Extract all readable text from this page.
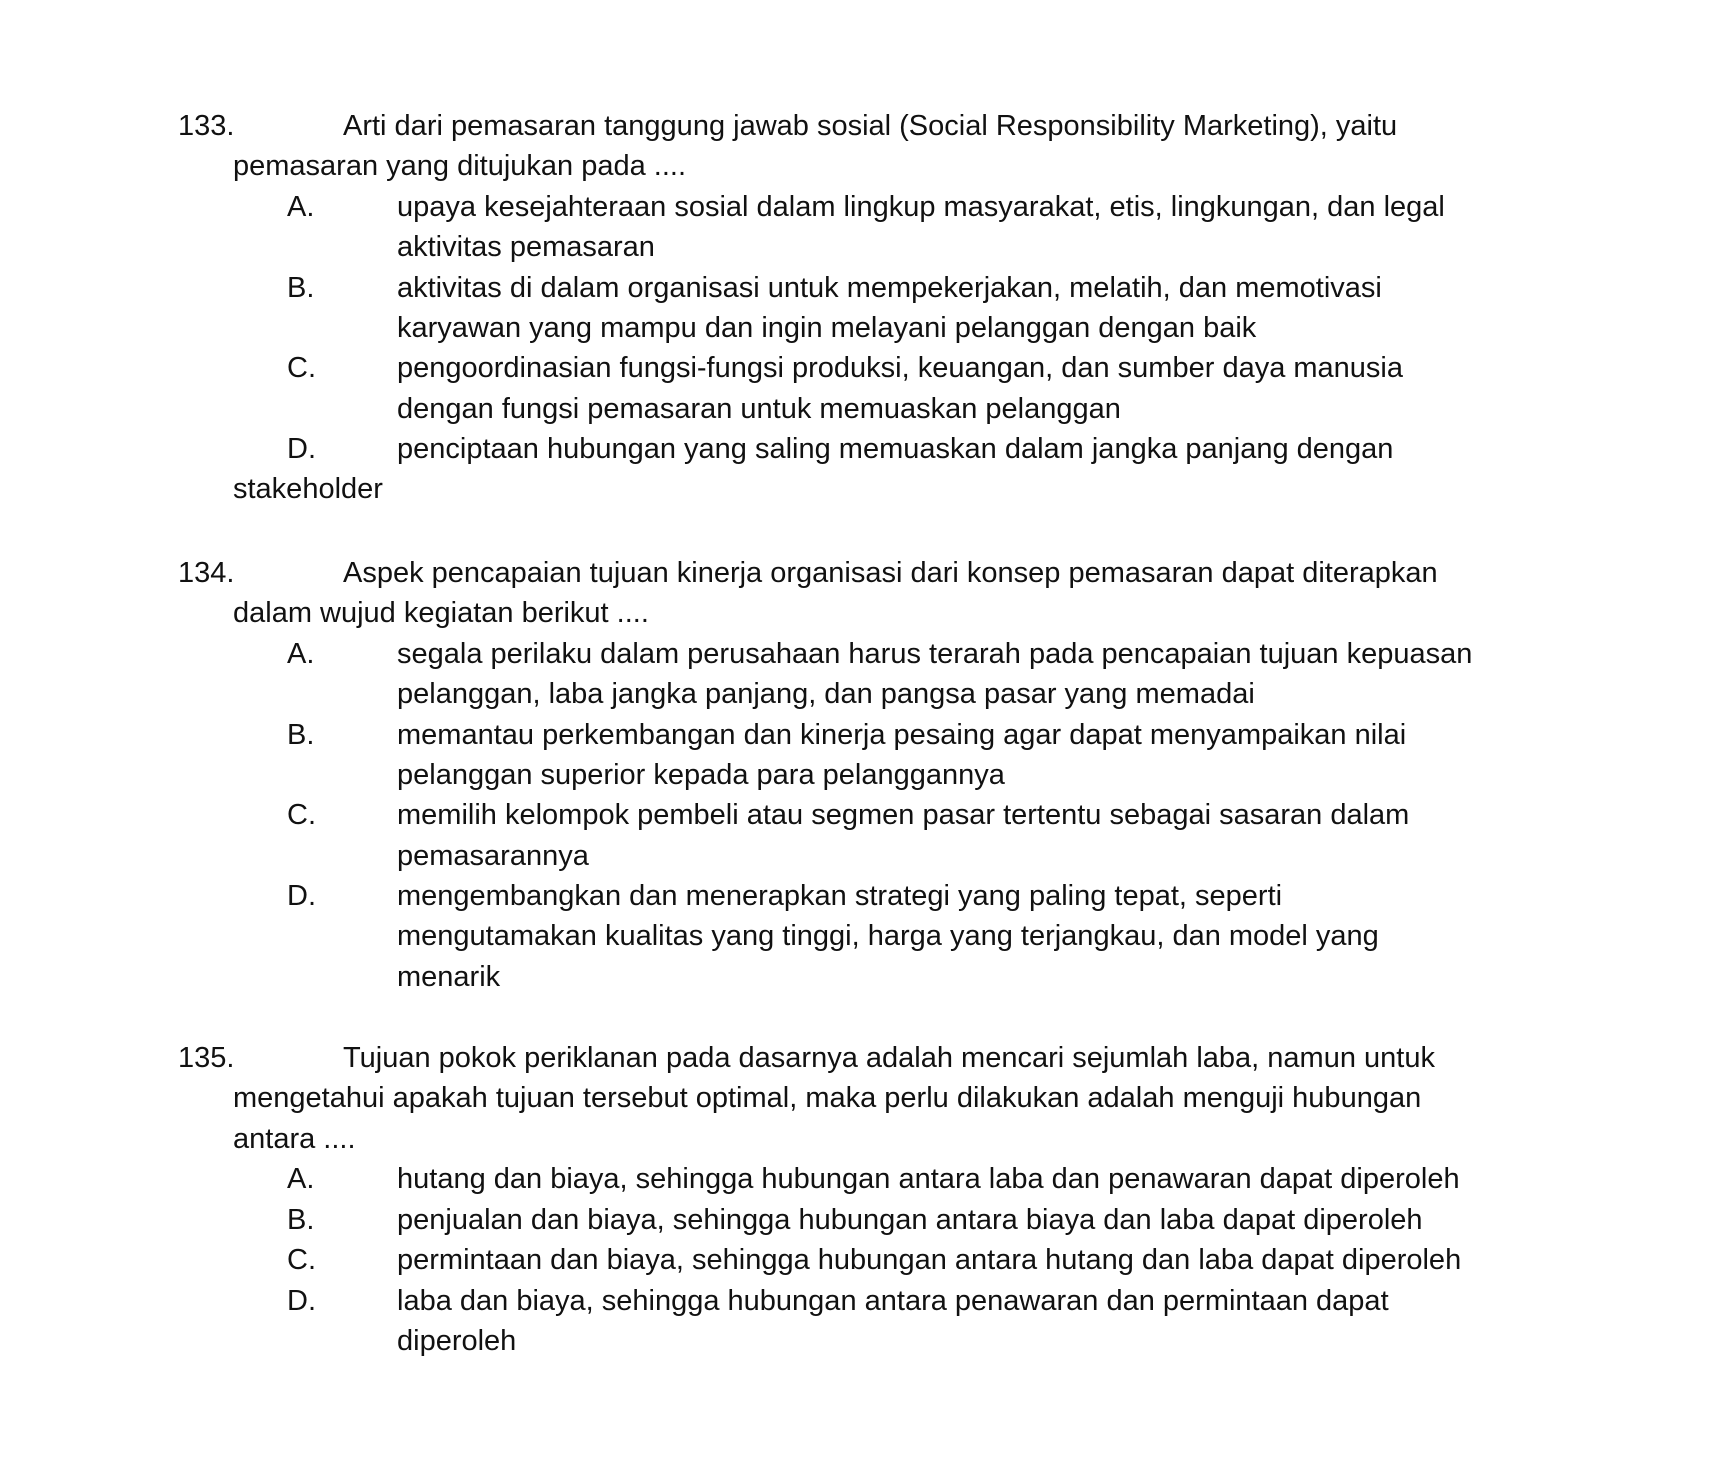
133.	Arti dari pemasaran tanggung jawab sosial (Social Responsibility Marketing), yaitu
pemasaran yang ditujukan pada ....
A.	upaya kesejahteraan sosial dalam lingkup masyarakat, etis, lingkungan, dan legal
aktivitas pemasaran
B.	aktivitas di dalam organisasi untuk mempekerjakan, melatih, dan memotivasi
karyawan yang mampu dan ingin melayani pelanggan dengan baik
C.	pengoordinasian fungsi-fungsi produksi, keuangan, dan sumber daya manusia
dengan fungsi pemasaran untuk memuaskan pelanggan
D.	penciptaan hubungan yang saling memuaskan dalam jangka panjang dengan
stakeholder
134.	Aspek pencapaian tujuan kinerja organisasi dari konsep pemasaran dapat diterapkan
dalam wujud kegiatan berikut ....
A.	segala perilaku dalam perusahaan harus terarah pada pencapaian tujuan kepuasan
pelanggan, laba jangka panjang, dan pangsa pasar yang memadai
B.	memantau perkembangan dan kinerja pesaing agar dapat menyampaikan nilai
pelanggan superior kepada para pelanggannya
C.	memilih kelompok pembeli atau segmen pasar tertentu sebagai sasaran dalam
pemasarannya
D.	mengembangkan dan menerapkan strategi yang paling tepat, seperti
mengutamakan kualitas yang tinggi, harga yang terjangkau, dan model yang
menarik
135.	Tujuan pokok periklanan pada dasarnya adalah mencari sejumlah laba, namun untuk
mengetahui apakah tujuan tersebut optimal, maka perlu dilakukan adalah menguji hubungan
antara ....
A.	hutang dan biaya, sehingga hubungan antara laba dan penawaran dapat diperoleh
B.	penjualan dan biaya, sehingga hubungan antara biaya dan laba dapat diperoleh
C.	permintaan dan biaya, sehingga hubungan antara hutang dan laba dapat diperoleh
D.	laba dan biaya, sehingga hubungan antara penawaran dan permintaan dapat
diperoleh
